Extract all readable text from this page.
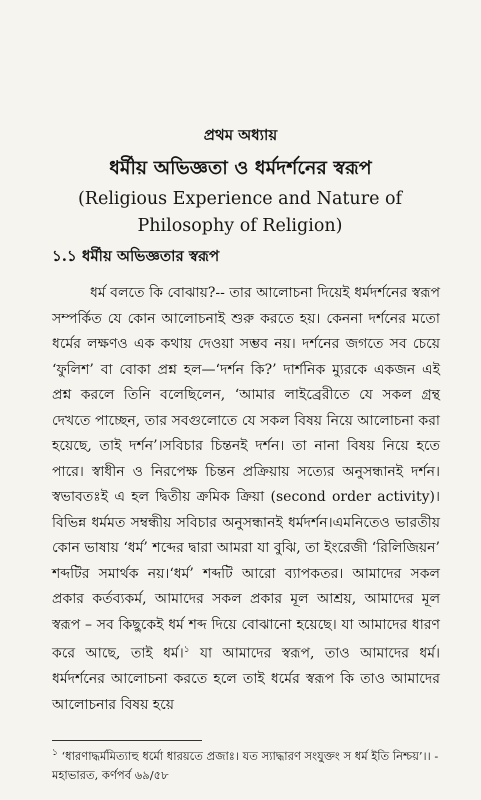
প্রথম অধ্যায়
ধর্মীয় অভিজ্ঞতা ও ধর্মদর্শনের স্বরূপ
(Religious Experience and Nature of Philosophy of Religion)
১.১ ধর্মীয় অভিজ্ঞতার স্বরূপ

ধর্ম বলতে কি বোঝায়?-- তার আলোচনা দিয়েই ধর্মদর্শনের স্বরূপ সম্পর্কিত যে কোন আলোচনাই শুরু করতে হয়। কেননা দর্শনের মতো ধর্মের লক্ষণও এক কথায় দেওয়া সম্ভব নয়। দর্শনের জগতে সব চেয়ে ‘ফুলিশ’ বা বোকা প্রশ্ন হল—‘দর্শন কি?’ দার্শনিক ম্যুরকে একজন এই প্রশ্ন করলে তিনি বলেছিলেন, ‘আমার লাইব্রেরীতে যে সকল গ্রন্থ দেখতে পাচ্ছেন, তার সবগুলোতে যে সকল বিষয় নিয়ে আলোচনা করা হয়েছে, তাই দর্শন’।সবিচার চিন্তনই দর্শন। তা নানা বিষয় নিয়ে হতে পারে। স্বাধীন ও নিরপেক্ষ চিন্তন প্রক্রিয়ায় সত্যের অনুসন্ধানই দর্শন। স্বভাবতঃই এ হল দ্বিতীয় ক্রমিক ক্রিয়া (second order activity)। বিভিন্ন ধর্মমত সম্বন্ধীয় সবিচার অনুসন্ধানই ধর্মদর্শন।এমনিতেও ভারতীয় কোন ভাষায় ‘ধর্ম’ শব্দের দ্বারা আমরা যা বুঝি, তা ইংরেজী ‘রিলিজিয়ন’ শব্দটির সমার্থক নয়।‘ধর্ম’ শব্দটি আরো ব্যাপকতর। আমাদের সকল প্রকার কর্তব্যকর্ম, আমাদের সকল প্রকার মূল আশ্রয়, আমাদের মূল স্বরূপ – সব কিছুকেই ধর্ম শব্দ দিয়ে বোঝানো হয়েছে। যা আমাদের ধারণ করে আছে, তাই ধর্ম।$^১$ যা আমাদের স্বরূপ, তাও আমাদের ধর্ম। ধর্মদর্শনের আলোচনা করতে হলে তাই ধর্মের স্বরূপ কি তাও আমাদের আলোচনার বিষয় হয়ে

$^১$ ‘ধারণাদ্ধর্মমিত্যাহু ধর্মো ধারয়তে প্রজাঃ। যত স্যাদ্ধারণ সংযুক্তং স ধর্ম ইতি নিশ্চয়’।। - মহাভারত, কর্ণপর্ব ৬৯/৫৮
